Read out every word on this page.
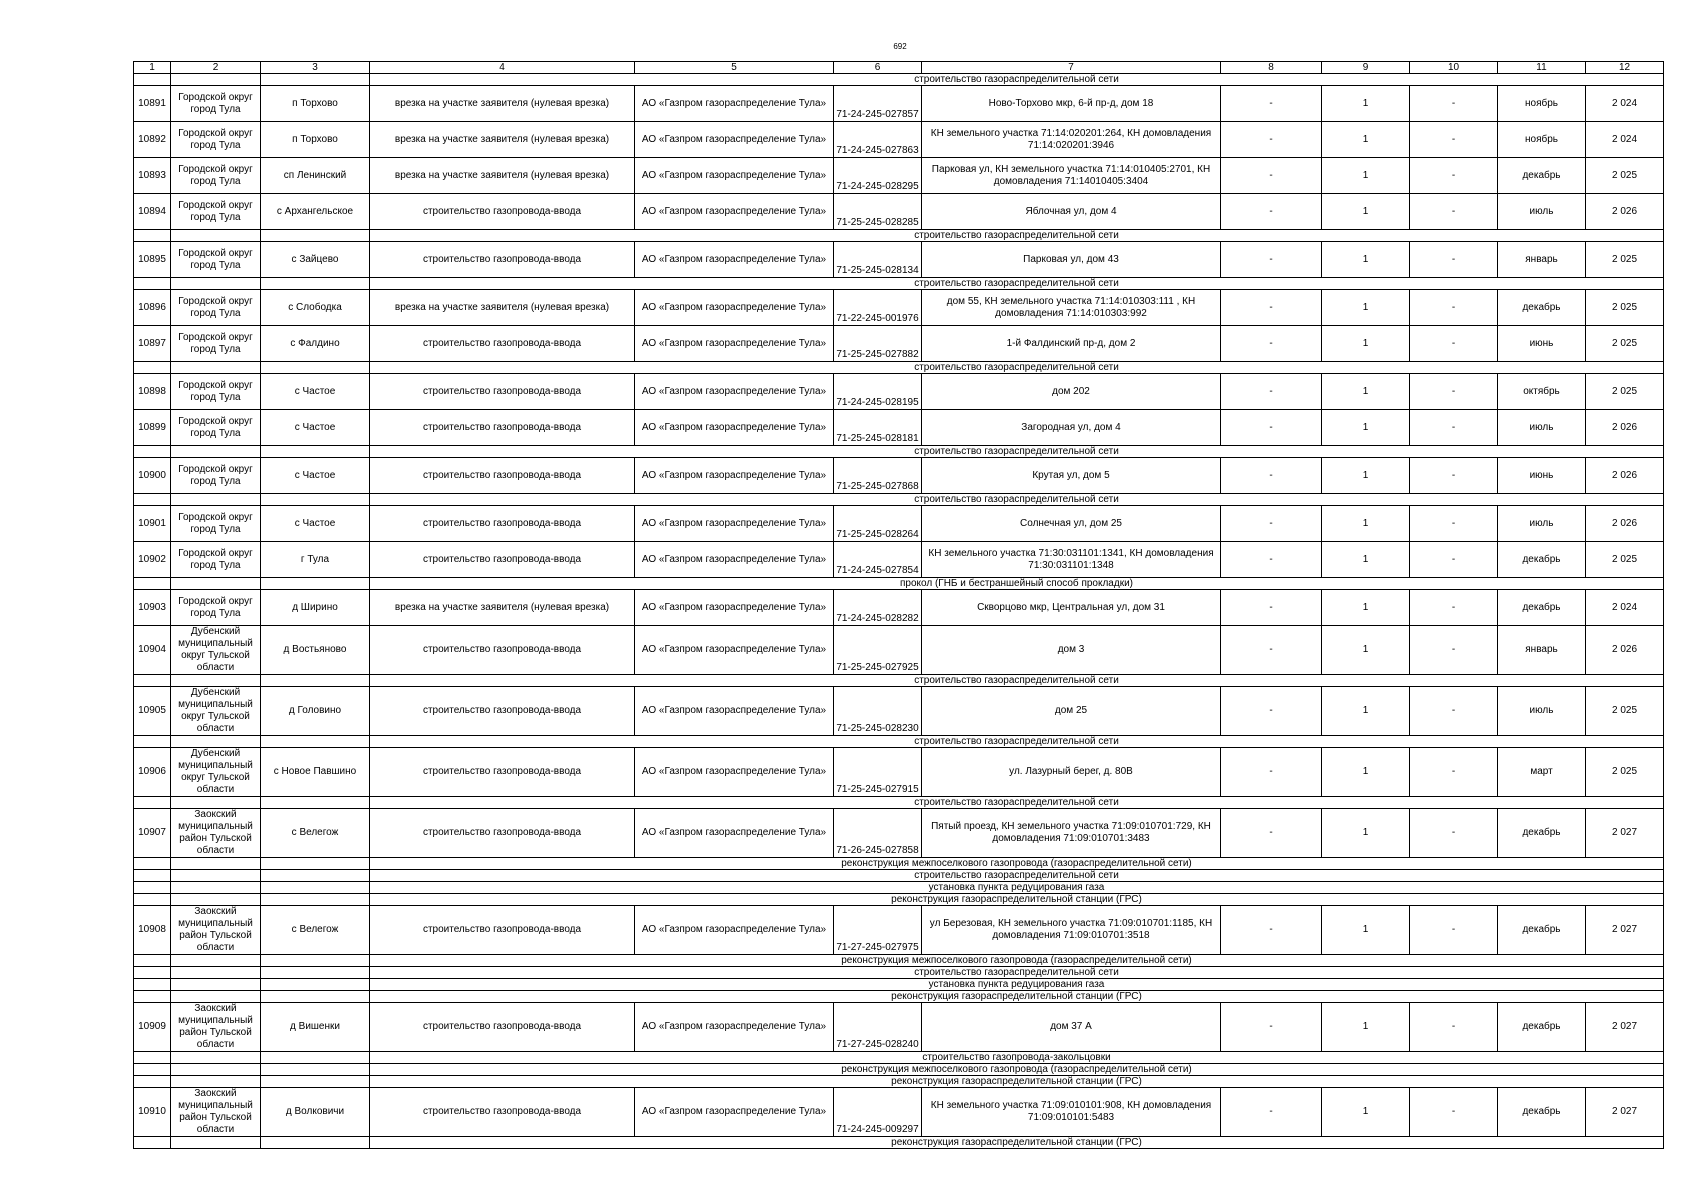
692
1	2	3	4	5	6	7	8	9	10	11	12
			строительство газораспределительной сети								
10891	Городской округ город Тула	п Торхово	врезка на участке заявителя (нулевая врезка)	АО «Газпром газораспределение Тула»	71-24-245-027857	Ново-Торхово мкр, 6-й пр-д, дом 18	-	1	-	ноябрь	2 024
10892	Городской округ город Тула	п Торхово	врезка на участке заявителя (нулевая врезка)	АО «Газпром газораспределение Тула»	71-24-245-027863	КН земельного участка 71:14:020201:264, КН домовладения 71:14:020201:3946	-	1	-	ноябрь	2 024
10893	Городской округ город Тула	сп Ленинский	врезка на участке заявителя (нулевая врезка)	АО «Газпром газораспределение Тула»	71-24-245-028295	Парковая ул, КН земельного участка 71:14:010405:2701, КН домовладения 71:14010405:3404	-	1	-	декабрь	2 025
10894	Городской округ город Тула	с Архангельское	строительство газопровода-ввода	АО «Газпром газораспределение Тула»	71-25-245-028285	Яблочная ул, дом 4	-	1	-	июль	2 026
			строительство газораспределительной сети								
10895	Городской округ город Тула	с Зайцево	строительство газопровода-ввода	АО «Газпром газораспределение Тула»	71-25-245-028134	Парковая ул, дом 43	-	1	-	январь	2 025
			строительство газораспределительной сети								
10896	Городской округ город Тула	с Слободка	врезка на участке заявителя (нулевая врезка)	АО «Газпром газораспределение Тула»	71-22-245-001976	дом 55, КН земельного участка 71:14:010303:111 , КН домовладения 71:14:010303:992	-	1	-	декабрь	2 025
10897	Городской округ город Тула	с Фалдино	строительство газопровода-ввода	АО «Газпром газораспределение Тула»	71-25-245-027882	1-й Фалдинский пр-д, дом 2	-	1	-	июнь	2 025
			строительство газораспределительной сети								
10898	Городской округ город Тула	с Частое	строительство газопровода-ввода	АО «Газпром газораспределение Тула»	71-24-245-028195	дом 202	-	1	-	октябрь	2 025
10899	Городской округ город Тула	с Частое	строительство газопровода-ввода	АО «Газпром газораспределение Тула»	71-25-245-028181	Загородная ул, дом 4	-	1	-	июль	2 026
			строительство газораспределительной сети								
10900	Городской округ город Тула	с Частое	строительство газопровода-ввода	АО «Газпром газораспределение Тула»	71-25-245-027868	Крутая ул, дом 5	-	1	-	июнь	2 026
			строительство газораспределительной сети								
10901	Городской округ город Тула	с Частое	строительство газопровода-ввода	АО «Газпром газораспределение Тула»	71-25-245-028264	Солнечная ул, дом 25	-	1	-	июль	2 026
10902	Городской округ город Тула	г Тула	строительство газопровода-ввода	АО «Газпром газораспределение Тула»	71-24-245-027854	КН земельного участка 71:30:031101:1341, КН домовладения 71:30:031101:1348	-	1	-	декабрь	2 025
			прокол (ГНБ и бестраншейный способ прокладки)								
10903	Городской округ город Тула	д Ширино	врезка на участке заявителя (нулевая врезка)	АО «Газпром газораспределение Тула»	71-24-245-028282	Скворцово мкр, Центральная ул, дом 31	-	1	-	декабрь	2 024
10904	Дубенский муниципальный округ Тульской области	д Востьяново	строительство газопровода-ввода	АО «Газпром газораспределение Тула»	71-25-245-027925	дом 3	-	1	-	январь	2 026
			строительство газораспределительной сети								
10905	Дубенский муниципальный округ Тульской области	д Головино	строительство газопровода-ввода	АО «Газпром газораспределение Тула»	71-25-245-028230	дом 25	-	1	-	июль	2 025
			строительство газораспределительной сети								
10906	Дубенский муниципальный округ Тульской области	с Новое Павшино	строительство газопровода-ввода	АО «Газпром газораспределение Тула»	71-25-245-027915	ул. Лазурный берег, д. 80В	-	1	-	март	2 025
			строительство газораспределительной сети								
10907	Заокский муниципальный район Тульской области	с Велегож	строительство газопровода-ввода	АО «Газпром газораспределение Тула»	71-26-245-027858	Пятый проезд, КН земельного участка 71:09:010701:729, КН домовладения 71:09:010701:3483	-	1	-	декабрь	2 027
			реконструкция межпоселкового газопровода (газораспределительной сети)								
			строительство газораспределительной сети								
			установка пункта редуцирования газа								
			реконструкция газораспределительной станции (ГРС)								
10908	Заокский муниципальный район Тульской области	с Велегож	строительство газопровода-ввода	АО «Газпром газораспределение Тула»	71-27-245-027975	ул Березовая, КН земельного участка 71:09:010701:1185, КН домовладения 71:09:010701:3518	-	1	-	декабрь	2 027
			реконструкция межпоселкового газопровода (газораспределительной сети)								
			строительство газораспределительной сети								
			установка пункта редуцирования газа								
			реконструкция газораспределительной станции (ГРС)								
10909	Заокский муниципальный район Тульской области	д Вишенки	строительство газопровода-ввода	АО «Газпром газораспределение Тула»	71-27-245-028240	дом 37 А	-	1	-	декабрь	2 027
			строительство газопровода-закольцовки								
			реконструкция межпоселкового газопровода (газораспределительной сети)								
			реконструкция газораспределительной станции (ГРС)								
10910	Заокский муниципальный район Тульской области	д Волковичи	строительство газопровода-ввода	АО «Газпром газораспределение Тула»	71-24-245-009297	КН земельного участка 71:09:010101:908, КН домовладения 71:09:010101:5483	-	1	-	декабрь	2 027
			реконструкция газораспределительной станции (ГРС)								
